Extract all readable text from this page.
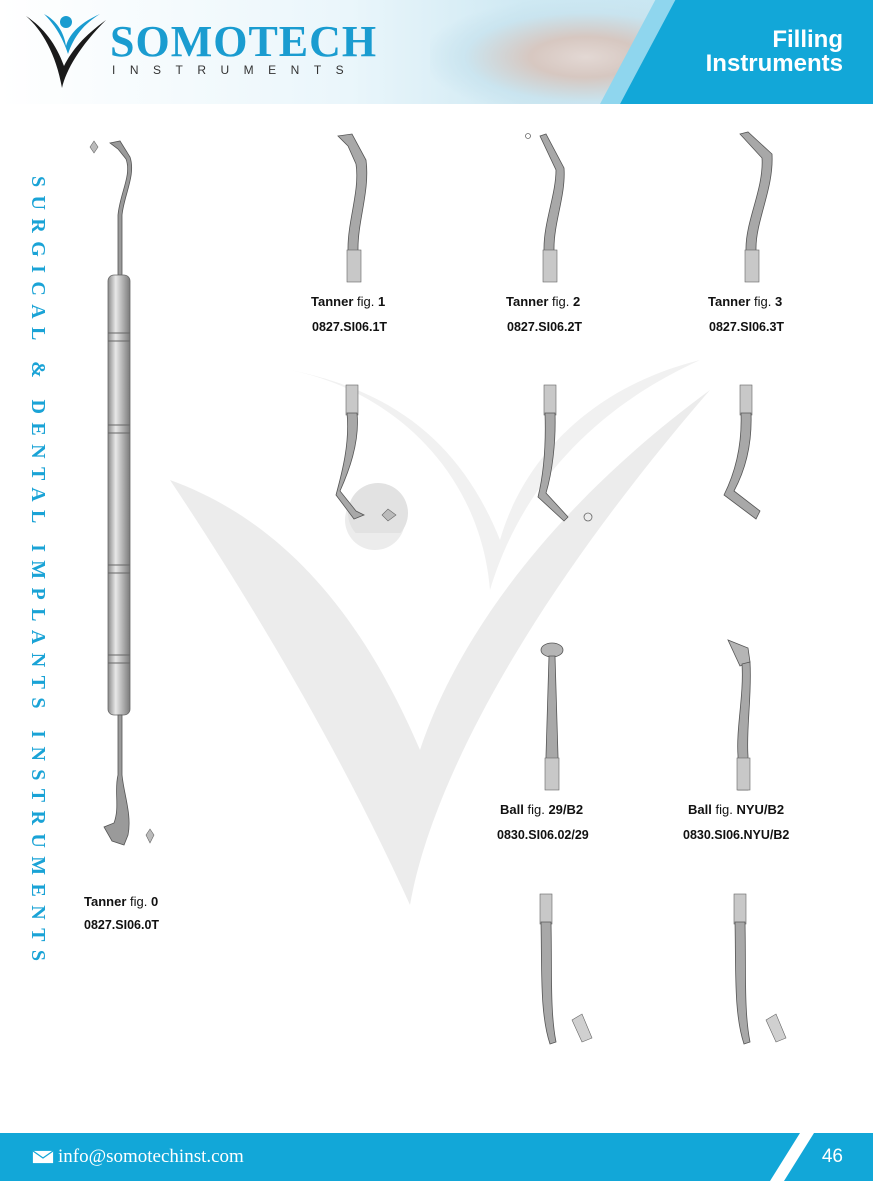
SOMOTECH
INSTRUMENTS
Filling
Instruments
SURGICAL & DENTAL IMPLANTS INSTRUMENTS	Tanner fig. 0
0827.SI06.0T
Tanner fig. 1
0827.SI06.1T
Tanner fig. 2
0827.SI06.2T
Tanner fig. 3
0827.SI06.3T
Ball fig. 29/B2
0830.SI06.02/29
Ball fig. NYU/B2
0830.SI06.NYU/B2
info@somotechinst.com	46
